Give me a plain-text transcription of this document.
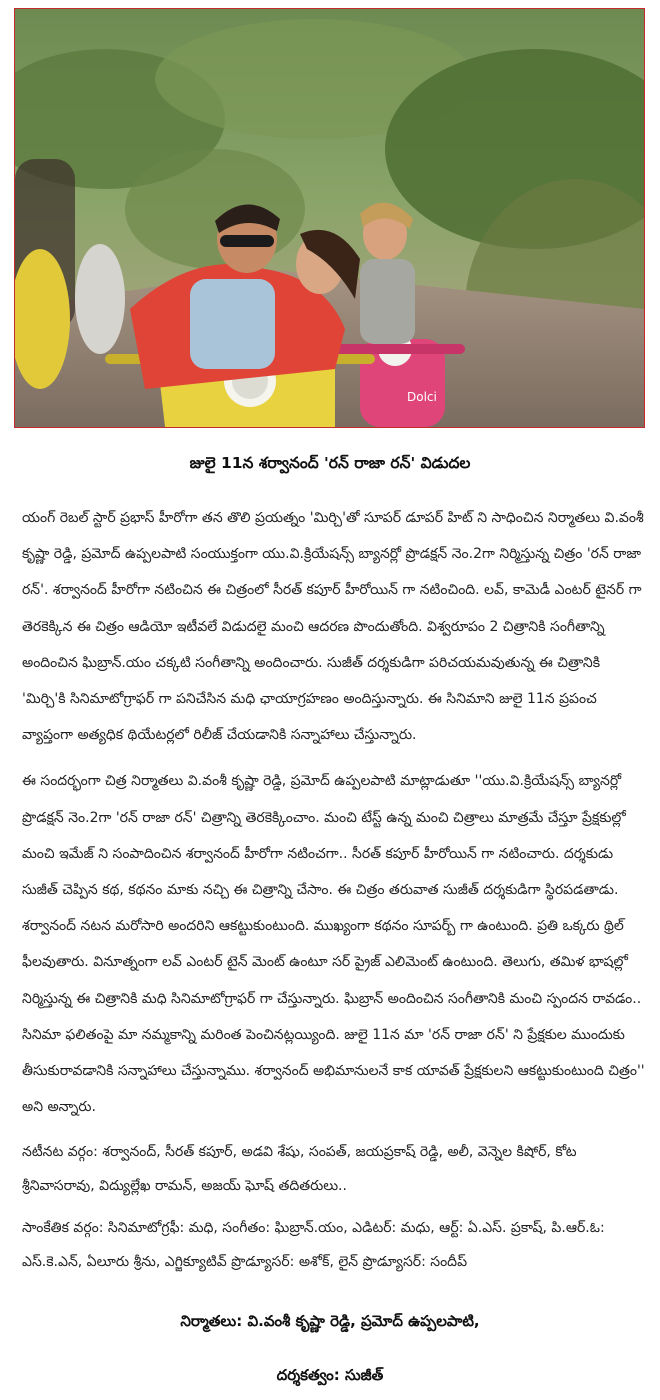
Dolci
జులై 11న శర్వానంద్ 'రన్ రాజా రన్' విడుదల

యంగ్ రెబల్ స్టార్ ప్రభాస్ హీరోగా తన తొలి ప్రయత్నం 'మిర్చి'తో సూపర్ డూపర్ హిట్ ని సాధించిన నిర్మాతలు వి.వంశీ కృష్ణా రెడ్డి, ప్రమోద్ ఉప్పలపాటి సంయుక్తంగా యు.వి.క్రియేషన్స్ బ్యానర్లో ప్రొడక్షన్ నెం.2గా నిర్మిస్తున్న చిత్రం 'రన్ రాజా రన్'. శర్వానంద్ హీరోగా నటించిన ఈ చిత్రంలో సీరత్ కపూర్ హీరోయిన్ గా నటించింది. లవ్, కామెడీ ఎంటర్ టైనర్ గా తెరకెక్కిన ఈ చిత్రం ఆడియో ఇటీవలే విడుదలై మంచి ఆదరణ పొందుతోంది. విశ్వరూపం 2 చిత్రానికి సంగీతాన్ని అందించిన ఘిబ్రాన్.యం చక్కటి సంగీతాన్ని అందించారు. సుజీత్ దర్శకుడిగా పరిచయమవుతున్న ఈ చిత్రానికి 'మిర్చి'కి సినిమాటోగ్రాఫర్ గా పనిచేసిన మధి ఛాయాగ్రహణం అందిస్తున్నారు. ఈ సినిమాని జులై 11న ప్రపంచ వ్యాప్తంగా అత్యధిక థియేటర్లలో రిలీజ్ చేయడానికి సన్నాహాలు చేస్తున్నారు.

ఈ సందర్భంగా చిత్ర నిర్మాతలు వి.వంశీ కృష్ణా రెడ్డి, ప్రమోద్ ఉప్పలపాటి మాట్లాడుతూ ''యు.వి.క్రియేషన్స్ బ్యానర్లో ప్రొడక్షన్ నెం.2గా 'రన్ రాజా రన్' చిత్రాన్ని తెరకెక్కించాం. మంచి టేస్ట్ ఉన్న మంచి చిత్రాలు మాత్రమే చేస్తూ ప్రేక్షకుల్లో మంచి ఇమేజ్ ని సంపాదించిన శర్వానంద్ హీరోగా నటించగా.. సీరత్ కపూర్ హీరోయిన్ గా నటించారు. దర్శకుడు సుజీత్ చెప్పిన కథ, కథనం మాకు నచ్చి ఈ చిత్రాన్ని చేసాం. ఈ చిత్రం తరువాత సుజీత్ దర్శకుడిగా స్థిరపడతాడు. శర్వానంద్ నటన మరోసారి అందరిని ఆకట్టుకుంటుంది. ముఖ్యంగా కథనం సూపర్బ్ గా ఉంటుంది. ప్రతి ఒక్కరు థ్రిల్ ఫీలవుతారు. వినూత్నంగా లవ్ ఎంటర్ టైన్ మెంట్ ఉంటూ సర్ ప్రైజ్ ఎలిమెంట్ ఉంటుంది. తెలుగు, తమిళ భాషల్లో నిర్మిస్తున్న ఈ చిత్రానికి మధి సినిమాటోగ్రాఫర్ గా చేస్తున్నారు. ఘిబ్రాన్ అందించిన సంగీతానికి మంచి స్పందన రావడం.. సినిమా ఫలితంపై మా నమ్మకాన్ని మరింత పెంచినట్లయ్యింది. జులై 11న మా 'రన్ రాజా రన్' ని ప్రేక్షకుల ముందుకు తీసుకురావడానికి సన్నాహాలు చేస్తున్నాము. శర్వానంద్ అభిమానులనే కాక యావత్ ప్రేక్షకులని ఆకట్టుకుంటుంది చిత్రం'' అని అన్నారు.

నటీనట వర్గం: శర్వానంద్, సీరత్ కపూర్, అడవి శేషు, సంపత్, జయప్రకాష్ రెడ్డి, అలీ, వెన్నెల కిషోర్, కోట శ్రీనివాసరావు, విద్యుల్లేఖ రామన్, అజయ్ ఘోష్ తదితరులు..

సాంకేతిక వర్గం: సినిమాటోగ్రఫీ: మధి, సంగీతం: ఘిబ్రాన్.యం, ఎడిటర్: మధు, ఆర్ట్: ఏ.ఎస్. ప్రకాష్, పి.ఆర్.ఓ: ఎస్.కె.ఎన్, ఏలూరు శ్రీను, ఎగ్జిక్యూటివ్ ప్రొడ్యూసర్: అశోక్, లైన్ ప్రొడ్యూసర్: సందీప్

నిర్మాతలు: వి.వంశీ కృష్ణా రెడ్డి, ప్రమోద్ ఉప్పలపాటి,
దర్శకత్వం: సుజీత్
